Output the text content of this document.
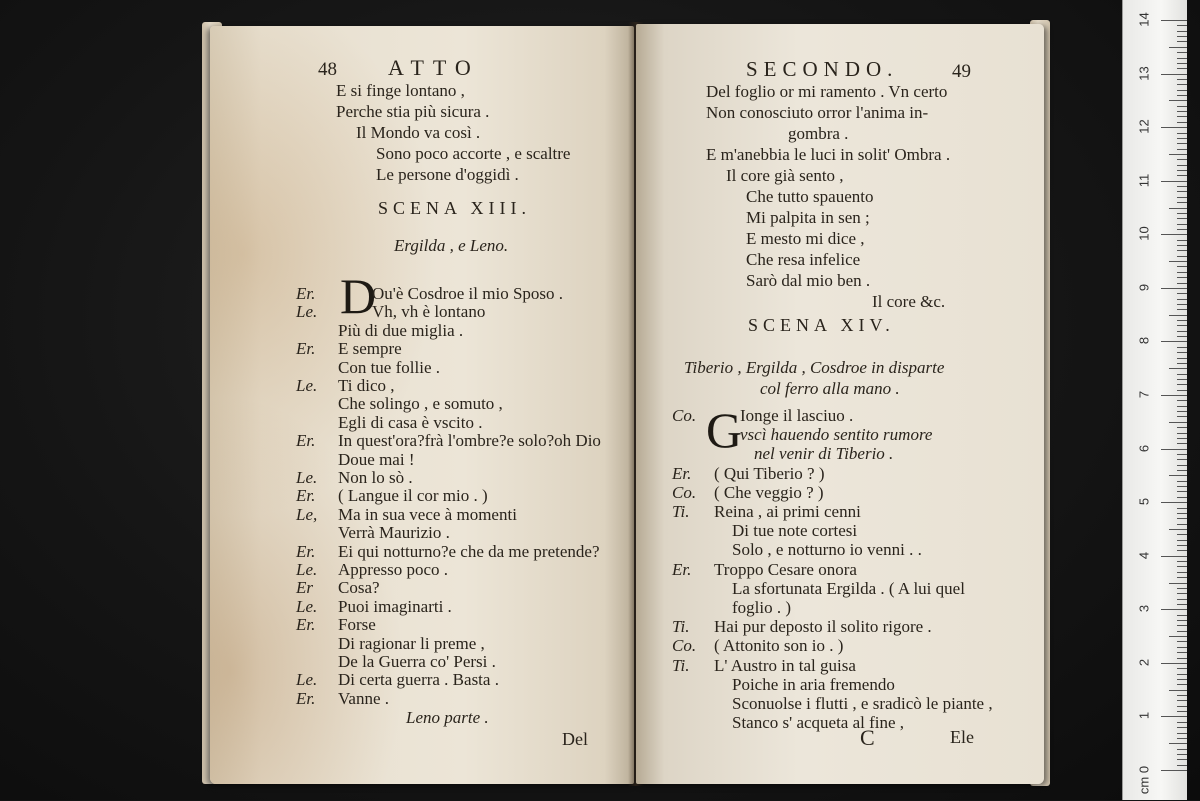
48 ATTO
E si finge lontano ,
Perche stia più sicura .
Il Mondo va così .
Sono poco accorte , e scaltre
Le persone d'oggidì .
SCENA XIII.
Ergilda , e Leno.
D
Er.	Ou'è Cosdroe il mio Sposo .
Le.	Vh, vh è lontano
Più di due miglia .
Er. E sempre
Con tue follie .
Le. Ti dico ,
Che solingo , e somuto ,
Egli di casa è vscito .
Er. In quest'ora?frà l'ombre?e solo?oh Dio
Doue mai !
Le. Non lo sò .
Er. ( Langue il cor mio . )
Le, Ma in sua vece à momenti
Verrà Maurizio .
Er. Ei qui notturno?e che da me pretende?
Le. Appresso poco .
Er Cosa?
Le. Puoi imaginarti .
Er. Forse
Di ragionar li preme ,
De la Guerra co' Persi .
Le. Di certa guerra . Basta .
Er. Vanne .
Leno parte .
Del
SECONDO.	49
Del foglio or mi ramento . Vn certo
Non conosciuto orror l'anima in-
gombra .
E m'anebbia le luci in solit' Ombra .
Il core già sento ,
Che tutto spauento
Mi palpita in sen ;
E mesto mi dice ,
Che resa infelice
Sarò dal mio ben .
Il core &c.
SCENA XIV.
Tiberio , Ergilda , Cosdroe in disparte
col ferro alla mano .
G
Co.	Ionge il lasciuo .
vscì hauendo sentito rumore
nel venir di Tiberio .
Er. ( Qui Tiberio ? )
Co. ( Che veggio ? )
Ti. Reina , ai primi cenni
Di tue note cortesi
Solo , e notturno io venni . .
Er. Troppo Cesare onora
La sfortunata Ergilda . ( A lui quel
foglio . )
Ti. Hai pur deposto il solito rigore .
Co. ( Attonito son io . )
Ti. L' Austro in tal guisa
Poiche in aria fremendo
Sconuolse i flutti , e sradicò le piante ,
Stanco s' acqueta al fine ,
C	Ele
14
13
12
11
10
9
8
7
6
5
4
3
2
1
0
cm
